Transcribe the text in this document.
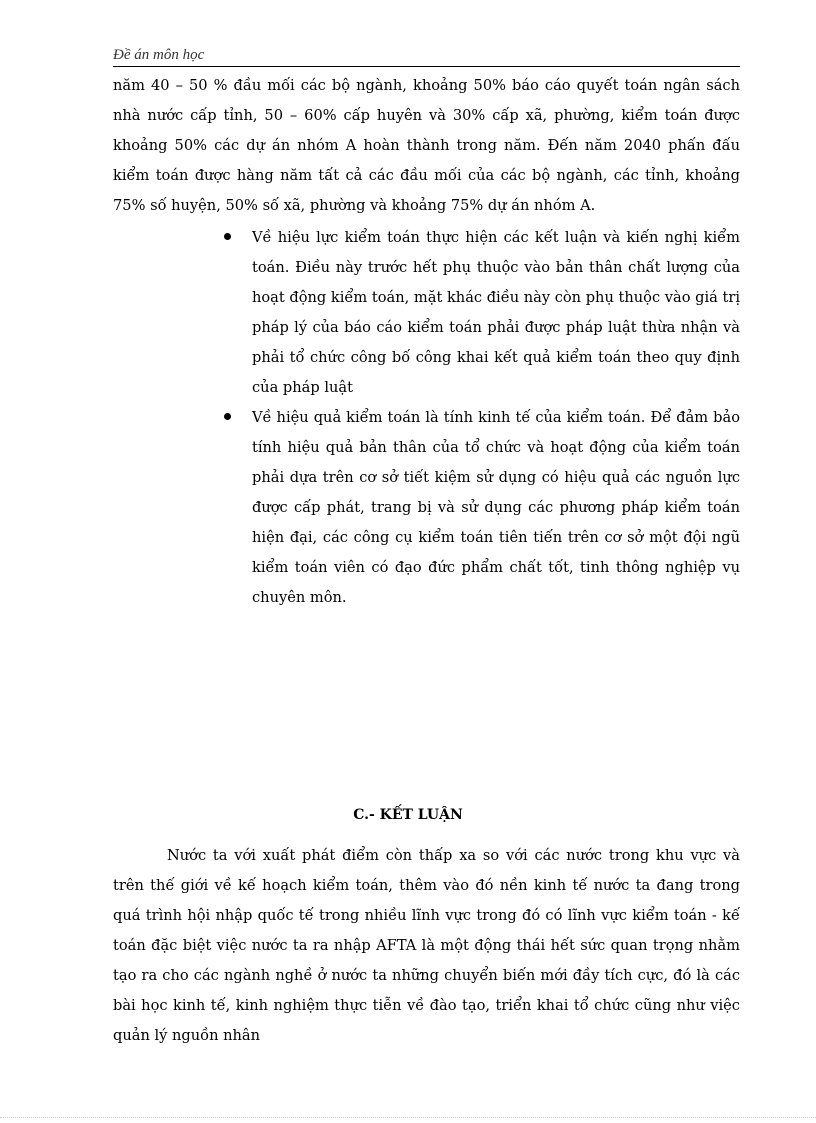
Đề án môn học

năm 40 – 50 % đầu mối các bộ ngành, khoảng 50% báo cáo quyết toán ngân sách nhà nước cấp tỉnh, 50 – 60% cấp huyên và 30% cấp xã, phường, kiểm toán được khoảng 50% các dự án nhóm A hoàn thành trong năm. Đến năm 2040 phấn đấu kiểm toán được hàng năm tất cả các đầu mối của các bộ ngành, các tỉnh, khoảng 75% số huyện, 50% số xã, phường và khoảng 75% dự án nhóm A.

Về hiệu lực kiểm toán thực hiện các kết luận và kiến nghị kiểm toán. Điều này trước hết phụ thuộc vào bản thân chất lượng của hoạt động kiểm toán, mặt khác điều này còn phụ thuộc vào giá trị pháp lý của báo cáo kiểm toán phải được pháp luật thừa nhận và phải tổ chức công bố công khai kết quả kiểm toán theo quy định của pháp luật
Về hiệu quả kiểm toán là tính kinh tế của kiểm toán. Để đảm bảo tính hiệu quả bản thân của tổ chức và hoạt động của kiểm toán phải dựa trên cơ sở tiết kiệm sử dụng có hiệu quả các nguồn lực được cấp phát, trang bị và sử dụng các phương pháp kiểm toán hiện đại, các công cụ kiểm toán tiên tiến trên cơ sở một đội ngũ kiểm toán viên có đạo đức phẩm chất tốt, tinh thông nghiệp vụ chuyên môn.
C.- KẾT LUẬN

Nước ta với xuất phát điểm còn thấp xa so với các nước trong khu vực và trên thế giới về kế hoạch kiểm toán, thêm vào đó nền kinh tế nước ta đang trong quá trình hội nhập quốc tế trong nhiều lĩnh vực trong đó có lĩnh vực kiểm toán - kế toán đặc biệt việc nước ta ra nhập AFTA là một động thái hết sức quan trọng nhằm tạo ra cho các ngành nghề ở nước ta những chuyển biến mới đầy tích cực, đó là các bài học kinh tế, kinh nghiệm thực tiễn về đào tạo, triển khai tổ chức cũng như việc quản lý nguồn nhân
